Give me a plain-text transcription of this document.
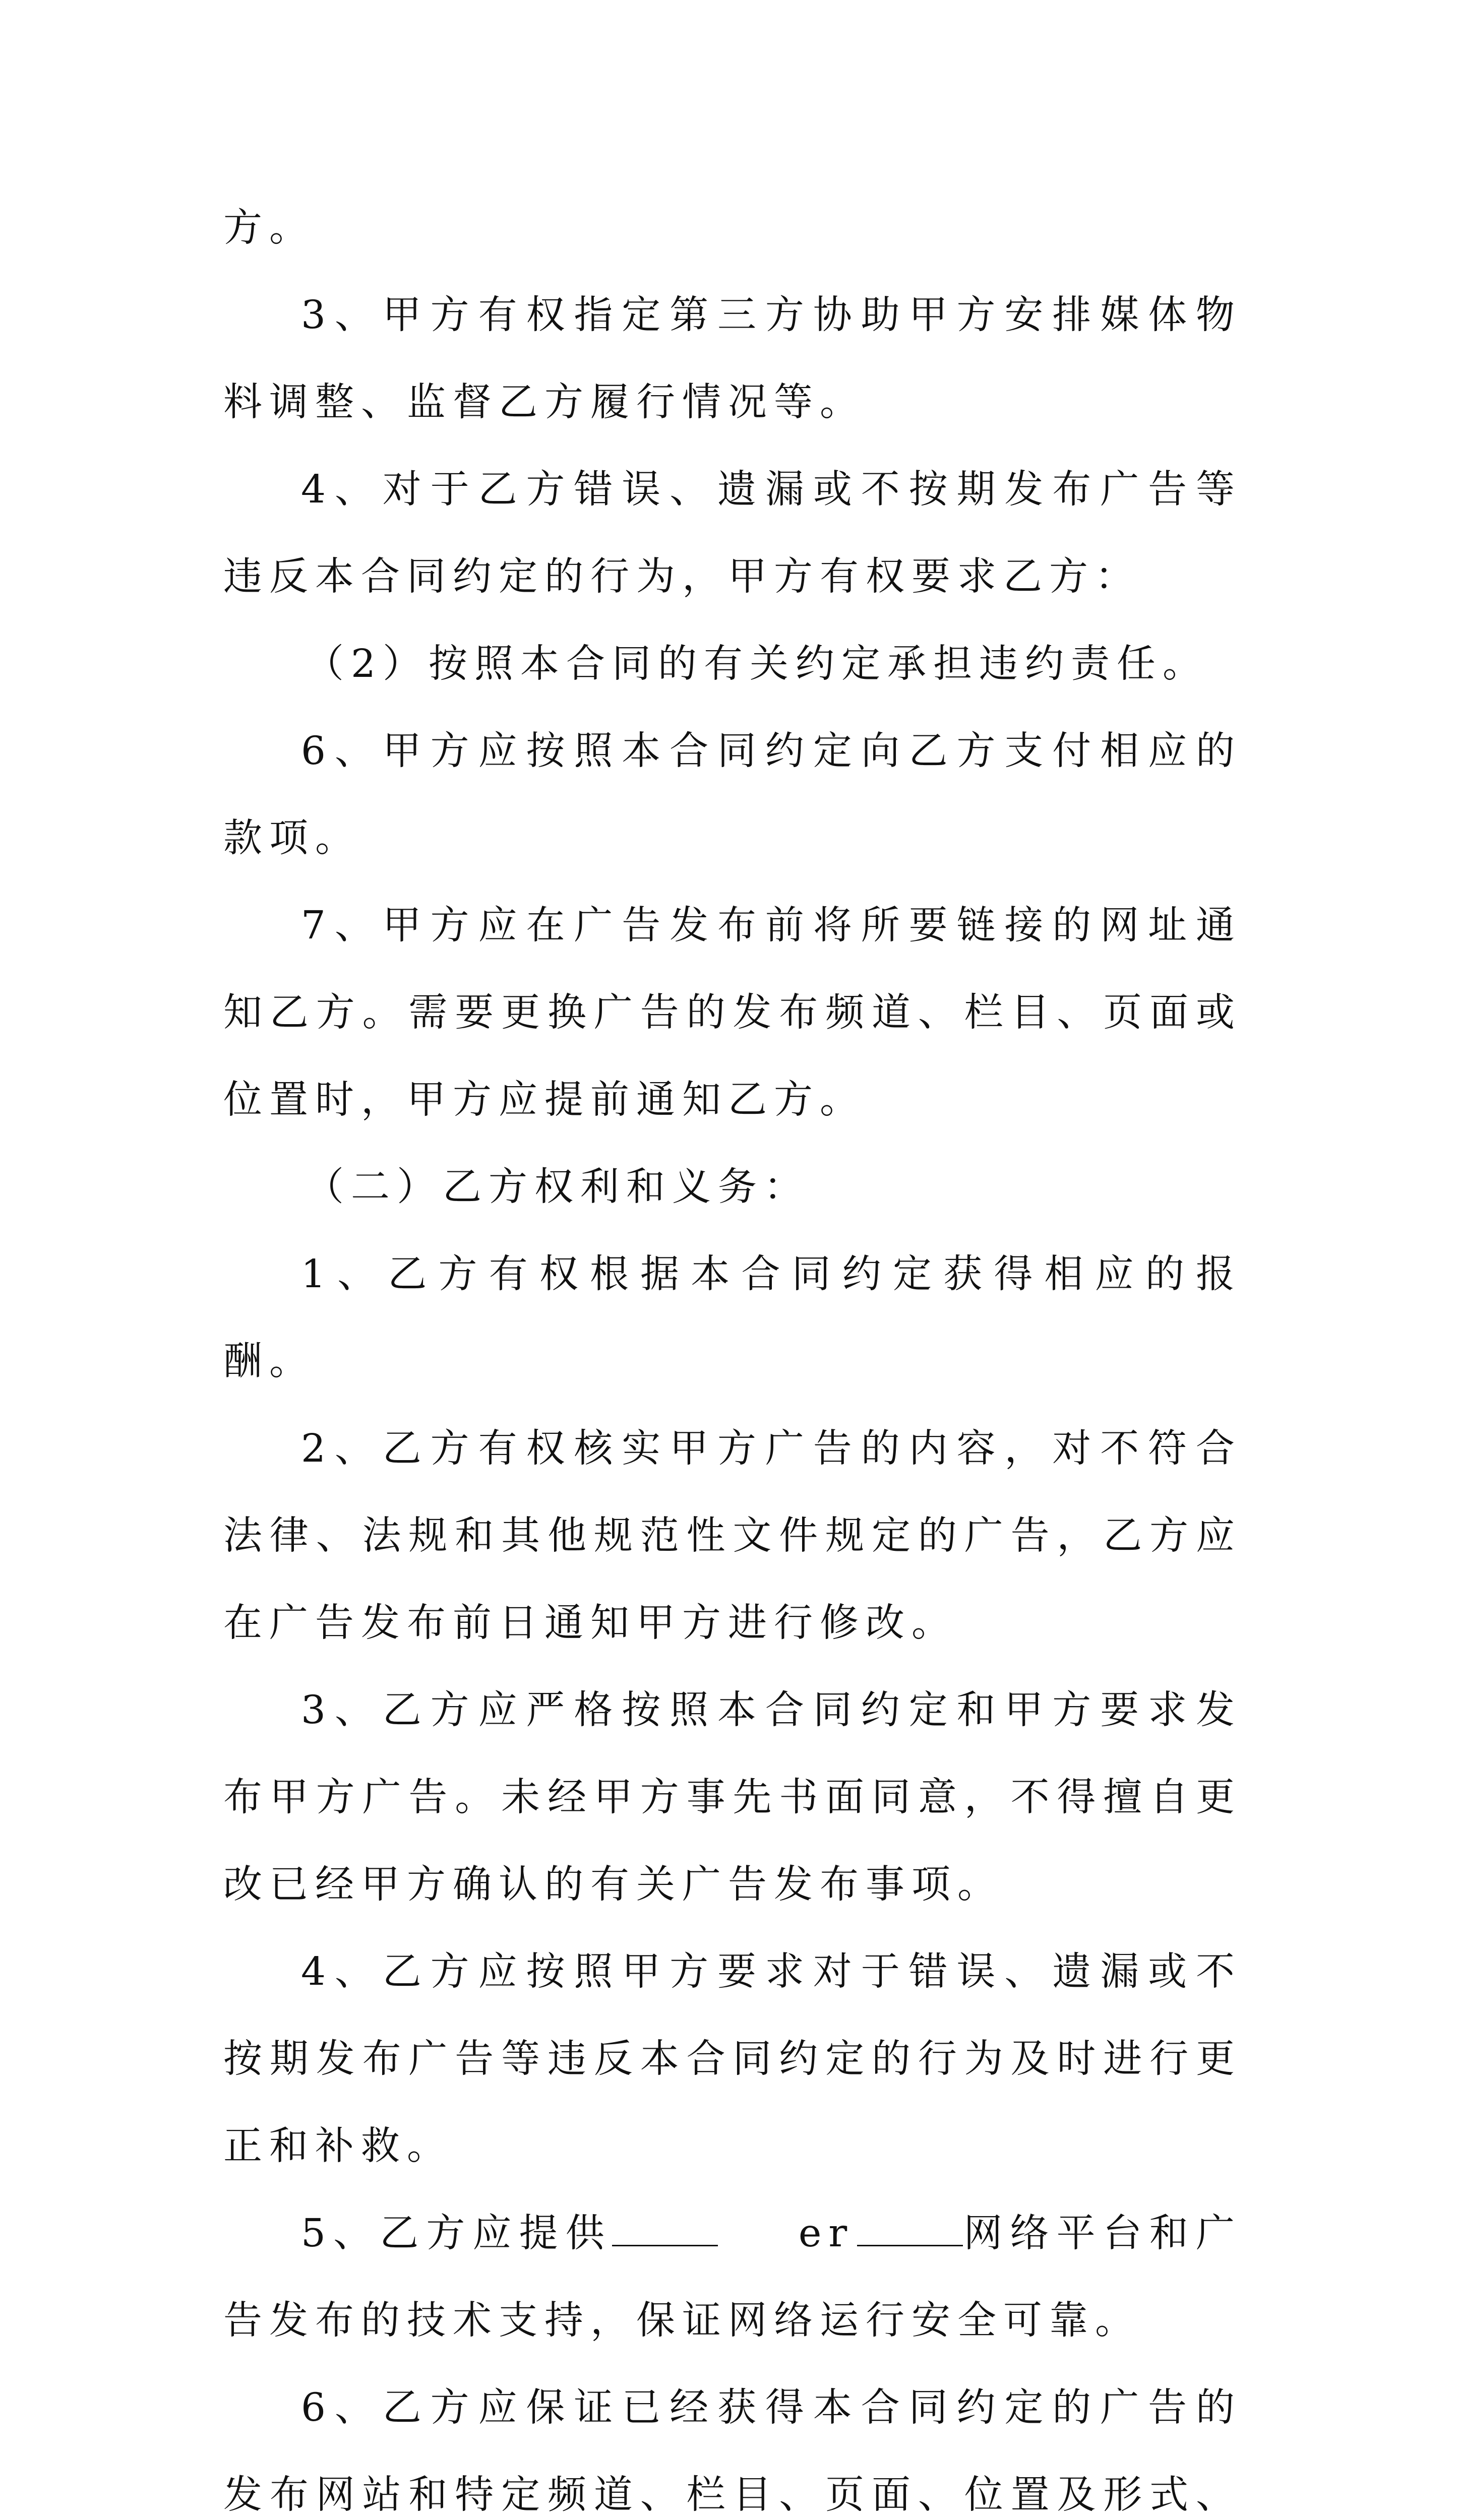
方。

3、甲方有权指定第三方协助甲方安排媒体物料调整、监督乙方履行情况等。

4、对于乙方错误、遗漏或不按期发布广告等违反本合同约定的行为，甲方有权要求乙方：

（2）按照本合同的有关约定承担违约责任。

6、甲方应按照本合同约定向乙方支付相应的款项。

7、甲方应在广告发布前将所要链接的网址通知乙方。需要更换广告的发布频道、栏目、页面或位置时，甲方应提前通知乙方。

（二）乙方权利和义务：

1、乙方有权根据本合同约定获得相应的报酬。

2、乙方有权核实甲方广告的内容，对不符合法律、法规和其他规范性文件规定的广告，乙方应在广告发布前日通知甲方进行修改。

3、乙方应严格按照本合同约定和甲方要求发布甲方广告。未经甲方事先书面同意，不得擅自更改已经甲方确认的有关广告发布事项。

4、乙方应按照甲方要求对于错误、遗漏或不按期发布广告等违反本合同约定的行为及时进行更正和补救。

5、乙方应提供	er	网络平台和广告发布的技术支持，保证网络运行安全可靠。

6、乙方应保证已经获得本合同约定的广告的发布网站和特定频道、栏目、页面、位置及形式、
